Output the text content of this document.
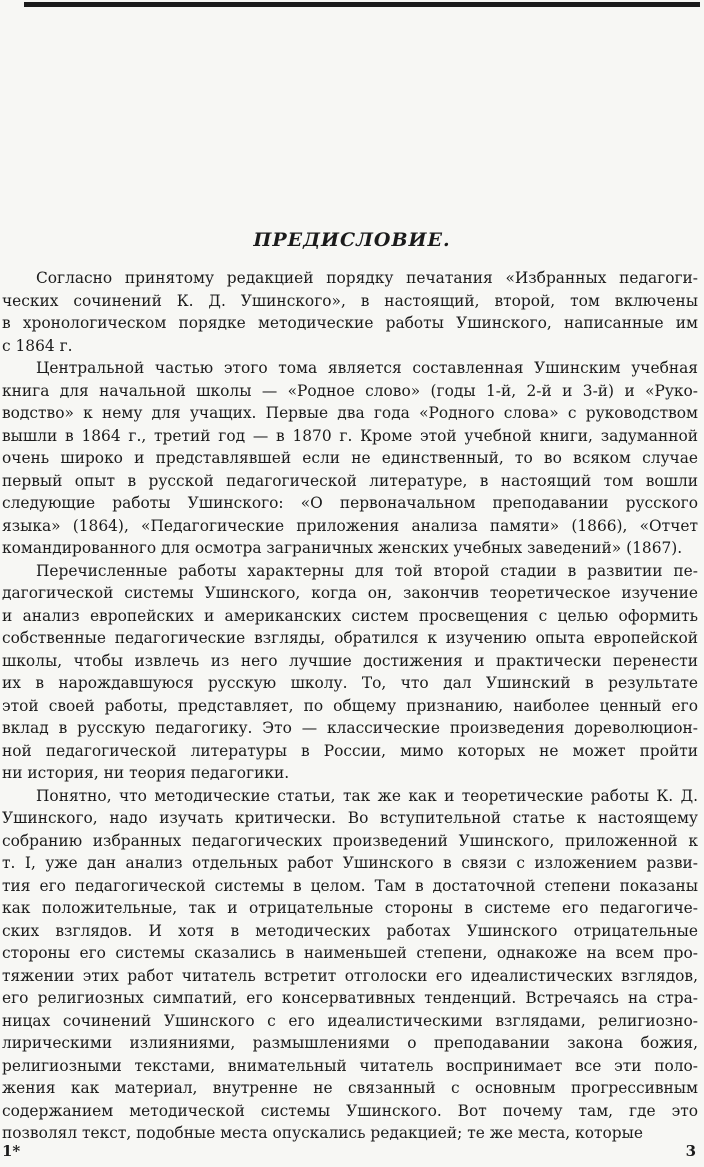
ПРЕДИСЛОВИЕ.
Согласно принятому редакцией порядку печатания «Избранных педагоги-
ческих сочинений К. Д. Ушинского», в настоящий, второй, том включены
в хронологическом порядке методические работы Ушинского, написанные им
с 1864 г.
Центральной частью этого тома является составленная Ушинским учебная
книга для начальной школы — «Родное слово» (годы 1-й, 2-й и 3-й) и «Руко-
водство» к нему для учащих. Первые два года «Родного слова» с руководством
вышли в 1864 г., третий год — в 1870 г. Кроме этой учебной книги, задуманной
очень широко и представлявшей если не единственный, то во всяком случае
первый опыт в русской педагогической литературе, в настоящий том вошли
следующие работы Ушинского: «О первоначальном преподавании русского
языка» (1864), «Педагогические приложения анализа памяти» (1866), «Отчет
командированного для осмотра заграничных женских учебных заведений» (1867).
Перечисленные работы характерны для той второй стадии в развитии пе-
дагогической системы Ушинского, когда он, закончив теоретическое изучение
и анализ европейских и американских систем просвещения с целью оформить
собственные педагогические взгляды, обратился к изучению опыта европейской
школы, чтобы извлечь из него лучшие достижения и практически перенести
их в нарождавшуюся русскую школу. То, что дал Ушинский в результате
этой своей работы, представляет, по общему признанию, наиболее ценный его
вклад в русскую педагогику. Это — классические произведения дореволюцион-
ной педагогической литературы в России, мимо которых не может пройти
ни история, ни теория педагогики.
Понятно, что методические статьи, так же как и теоретические работы К. Д.
Ушинского, надо изучать критически. Во вступительной статье к настоящему
собранию избранных педагогических произведений Ушинского, приложенной к
т. I, уже дан анализ отдельных работ Ушинского в связи с изложением разви-
тия его педагогической системы в целом. Там в достаточной степени показаны
как положительные, так и отрицательные стороны в системе его педагогиче-
ских взглядов. И хотя в методических работах Ушинского отрицательные
стороны его системы сказались в наименьшей степени, однакоже на всем про-
тяжении этих работ читатель встретит отголоски его идеалистических взглядов,
его религиозных симпатий, его консервативных тенденций. Встречаясь на стра-
ницах сочинений Ушинского с его идеалистическими взглядами, религиозно-
лирическими излияниями, размышлениями о преподавании закона божия,
религиозными текстами, внимательный читатель воспринимает все эти поло-
жения как материал, внутренне не связанный с основным прогрессивным
содержанием методической системы Ушинского. Вот почему там, где это
позволял текст, подобные места опускались редакцией; те же места, которые
1*	3
